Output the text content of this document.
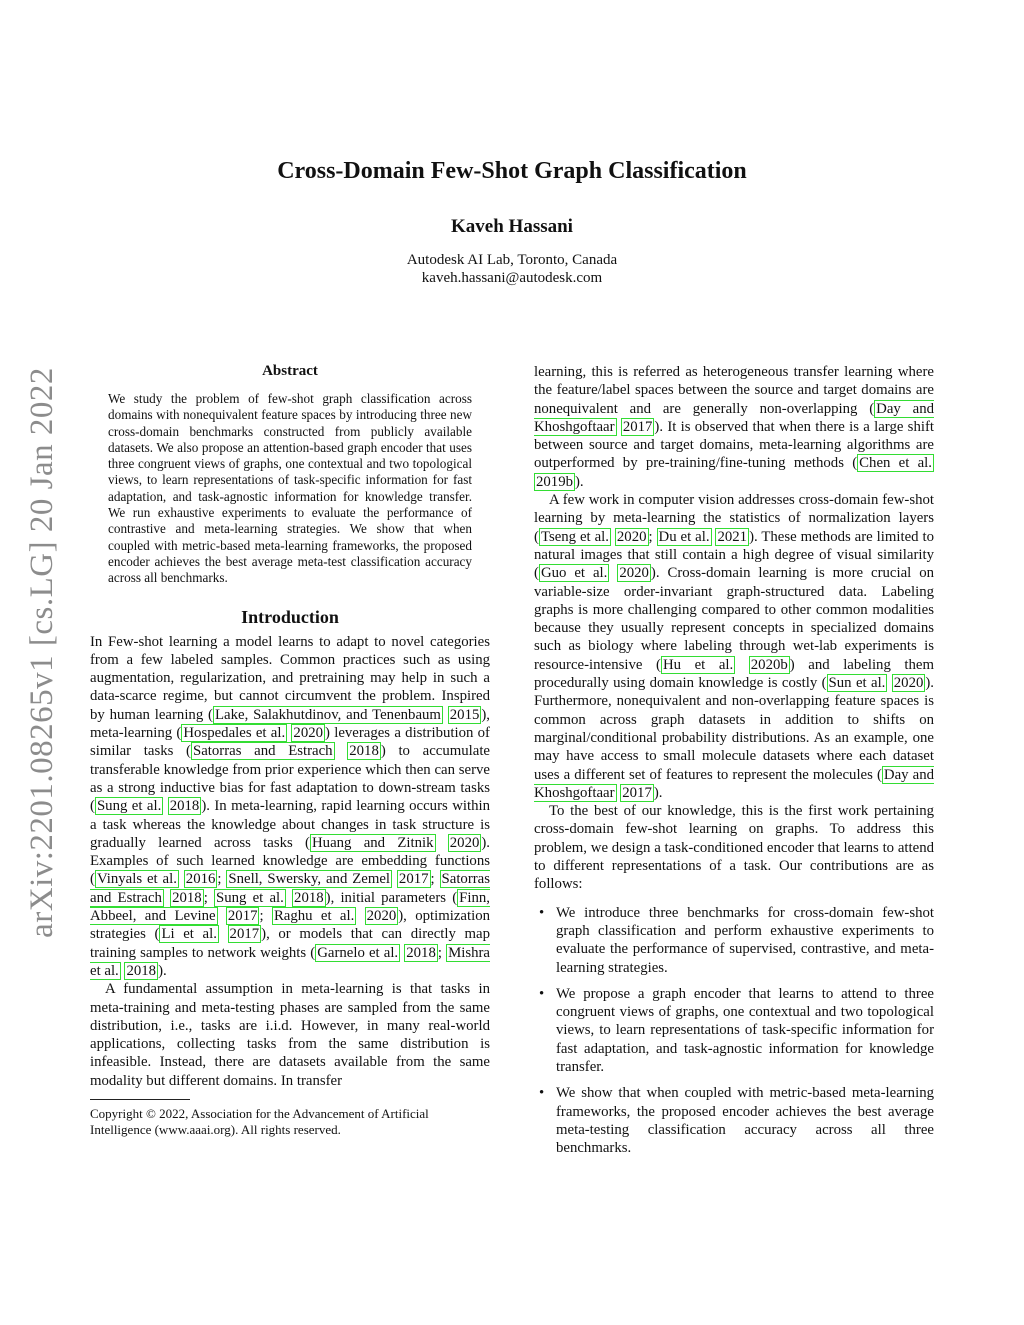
arXiv:2201.08265v1 [cs.LG] 20 Jan 2022
Cross-Domain Few-Shot Graph Classification
Kaveh Hassani
Autodesk AI Lab, Toronto, Canada
kaveh.hassani@autodesk.com
Abstract
We study the problem of few-shot graph classification across domains with nonequivalent feature spaces by introducing three new cross-domain benchmarks constructed from publicly available datasets. We also propose an attention-based graph encoder that uses three congruent views of graphs, one contextual and two topological views, to learn representations of task-specific information for fast adaptation, and task-agnostic information for knowledge transfer. We run exhaustive experiments to evaluate the performance of contrastive and meta-learning strategies. We show that when coupled with metric-based meta-learning frameworks, the proposed encoder achieves the best average meta-test classification accuracy across all benchmarks.
Introduction

In Few-shot learning a model learns to adapt to novel categories from a few labeled samples. Common practices such as using augmentation, regularization, and pretraining may help in such a data-scarce regime, but cannot circumvent the problem. Inspired by human learning ( Lake, Salakhutdinov, and Tenenbaum 2015 ), meta-learning ( Hospedales et al. 2020 ) leverages a distribution of similar tasks ( Satorras and Estrach 2018 ) to accumulate transferable knowledge from prior experience which then can serve as a strong inductive bias for fast adaptation to down-stream tasks ( Sung et al. 2018 ). In meta-learning, rapid learning occurs within a task whereas the knowledge about changes in task structure is gradually learned across tasks ( Huang and Zitnik 2020 ). Examples of such learned knowledge are embedding functions ( Vinyals et al. 2016 ; Snell, Swersky, and Zemel 2017 ; Satorras and Estrach 2018 ; Sung et al. 2018 ), initial parameters ( Finn, Abbeel, and Levine 2017 ; Raghu et al. 2020 ), optimization strategies ( Li et al. 2017 ), or models that can directly map training samples to network weights ( Garnelo et al. 2018 ; Mishra et al. 2018 ).

A fundamental assumption in meta-learning is that tasks in meta-training and meta-testing phases are sampled from the same distribution, i.e., tasks are i.i.d. However, in many real-world applications, collecting tasks from the same distribution is infeasible. Instead, there are datasets available from the same modality but different domains. In transfer

Copyright © 2022, Association for the Advancement of Artificial Intelligence (www.aaai.org). All rights reserved.

learning, this is referred as heterogeneous transfer learning where the feature/label spaces between the source and target domains are nonequivalent and are generally non-overlapping ( Day and Khoshgoftaar 2017 ). It is observed that when there is a large shift between source and target domains, meta-learning algorithms are outperformed by pre-training/fine-tuning methods ( Chen et al. 2019b ).

A few work in computer vision addresses cross-domain few-shot learning by meta-learning the statistics of normalization layers ( Tseng et al. 2020 ; Du et al. 2021 ). These methods are limited to natural images that still contain a high degree of visual similarity ( Guo et al. 2020 ). Cross-domain learning is more crucial on variable-size order-invariant graph-structured data. Labeling graphs is more challenging compared to other common modalities because they usually represent concepts in specialized domains such as biology where labeling through wet-lab experiments is resource-intensive ( Hu et al. 2020b ) and labeling them procedurally using domain knowledge is costly ( Sun et al. 2020 ). Furthermore, nonequivalent and non-overlapping feature spaces is common across graph datasets in addition to shifts on marginal/conditional probability distributions. As an example, one may have access to small molecule datasets where each dataset uses a different set of features to represent the molecules ( Day and Khoshgoftaar 2017 ).

To the best of our knowledge, this is the first work pertaining cross-domain few-shot learning on graphs. To address this problem, we design a task-conditioned encoder that learns to attend to different representations of a task. Our contributions are as follows:

• We introduce three benchmarks for cross-domain few-shot graph classification and perform exhaustive experiments to evaluate the performance of supervised, contrastive, and meta-learning strategies.
• We propose a graph encoder that learns to attend to three congruent views of graphs, one contextual and two topological views, to learn representations of task-specific information for fast adaptation, and task-agnostic information for knowledge transfer.
• We show that when coupled with metric-based meta-learning frameworks, the proposed encoder achieves the best average meta-testing classification accuracy across all three benchmarks.
